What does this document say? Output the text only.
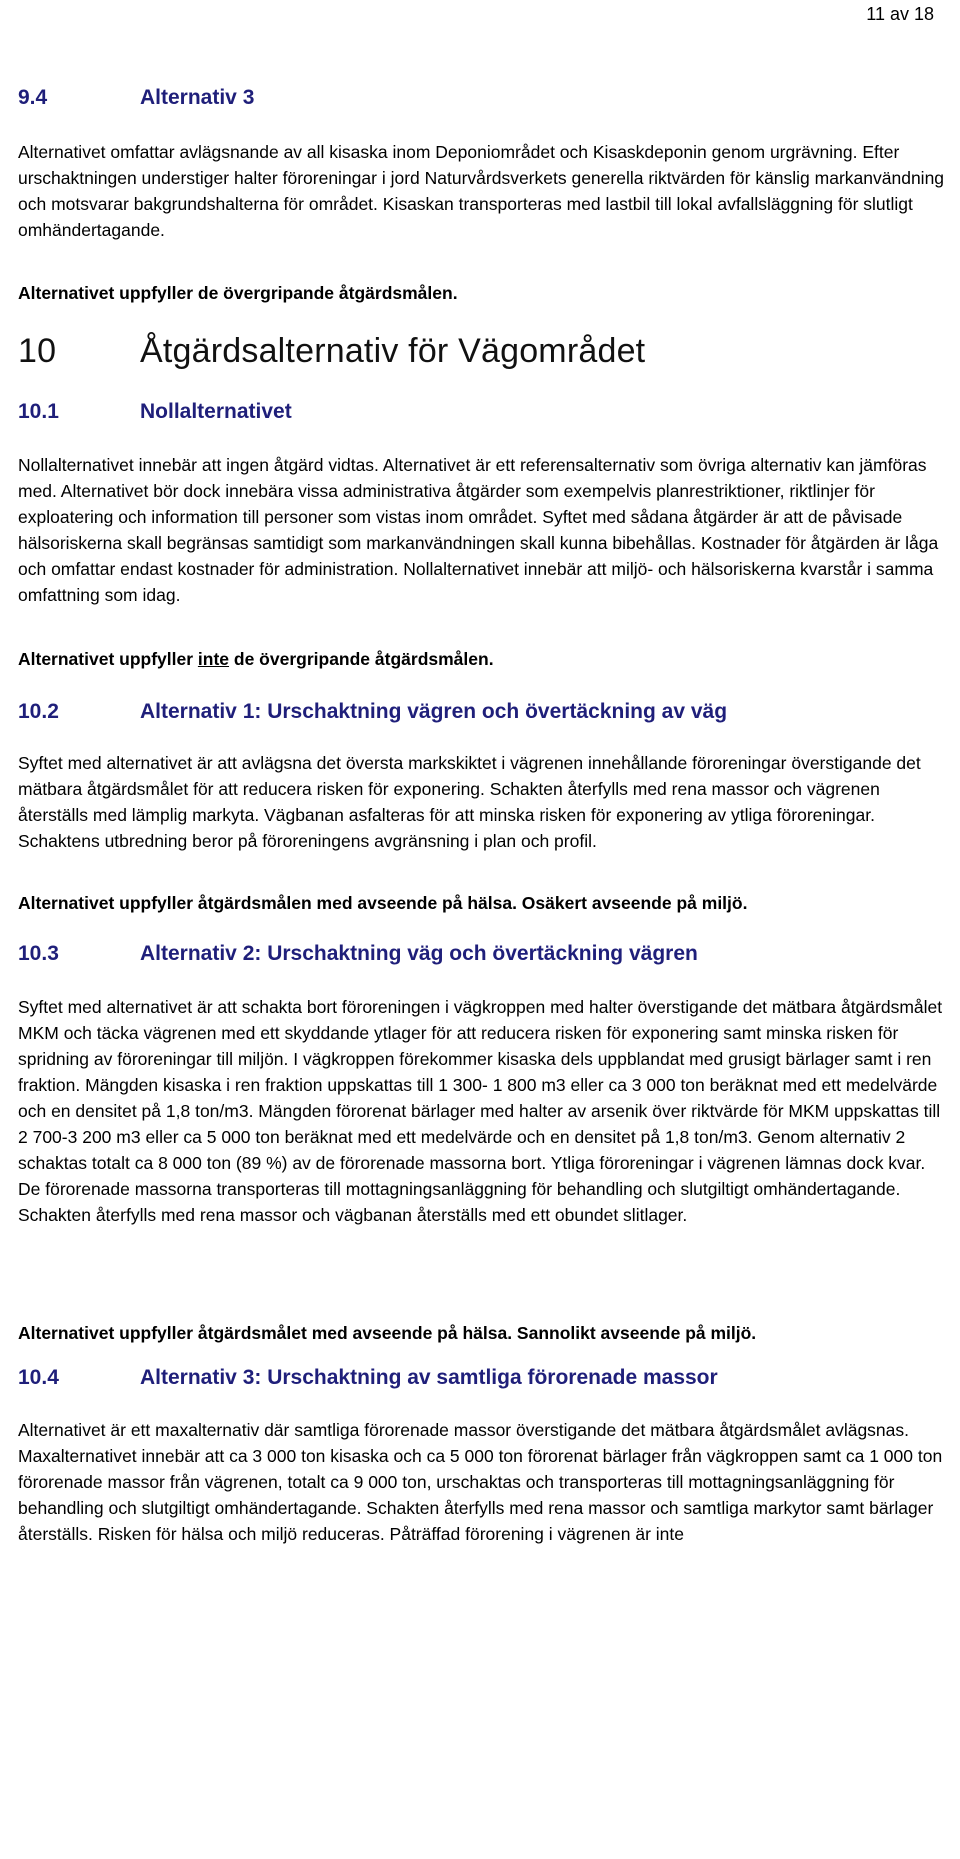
11 av 18
9.4	Alternativ 3

Alternativet omfattar avlägsnande av all kisaska inom Deponiområdet och Kisaskdeponin genom urgrävning. Efter urschaktningen understiger halter föroreningar i jord Naturvårdsverkets generella riktvärden för känslig markanvändning och motsvarar bakgrundshalterna för området. Kisaskan transporteras med lastbil till lokal avfallsläggning för slutligt omhändertagande.

Alternativet uppfyller de övergripande åtgärdsmålen.

10 Åtgärdsalternativ för Vägområdet
10.1	Nollalternativet

Nollalternativet innebär att ingen åtgärd vidtas. Alternativet är ett referensalternativ som övriga alternativ kan jämföras med. Alternativet bör dock innebära vissa administrativa åtgärder som exempelvis planrestriktioner, riktlinjer för exploatering och information till personer som vistas inom området. Syftet med sådana åtgärder är att de påvisade hälsoriskerna skall begränsas samtidigt som markanvändningen skall kunna bibehållas. Kostnader för åtgärden är låga och omfattar endast kostnader för administration. Nollalternativet innebär att miljö- och hälsoriskerna kvarstår i samma omfattning som idag.

Alternativet uppfyller inte de övergripande åtgärdsmålen.

10.2	Alternativ 1: Urschaktning vägren och övertäckning av väg

Syftet med alternativet är att avlägsna det översta markskiktet i vägrenen innehållande föroreningar överstigande det mätbara åtgärdsmålet för att reducera risken för exponering. Schakten återfylls med rena massor och vägrenen återställs med lämplig markyta. Vägbanan asfalteras för att minska risken för exponering av ytliga föroreningar. Schaktens utbredning beror på föroreningens avgränsning i plan och profil.

Alternativet uppfyller åtgärdsmålen med avseende på hälsa. Osäkert avseende på miljö.

10.3	Alternativ 2: Urschaktning väg och övertäckning vägren

Syftet med alternativet är att schakta bort föroreningen i vägkroppen med halter överstigande det mätbara åtgärdsmålet MKM och täcka vägrenen med ett skyddande ytlager för att reducera risken för exponering samt minska risken för spridning av föroreningar till miljön. I vägkroppen förekommer kisaska dels uppblandat med grusigt bärlager samt i ren fraktion. Mängden kisaska i ren fraktion uppskattas till 1 300- 1 800 m3 eller ca 3 000 ton beräknat med ett medelvärde och en densitet på 1,8 ton/m3. Mängden förorenat bärlager med halter av arsenik över riktvärde för MKM uppskattas till 2 700-3 200 m3 eller ca 5 000 ton beräknat med ett medelvärde och en densitet på 1,8 ton/m3. Genom alternativ 2 schaktas totalt ca 8 000 ton (89 %) av de förorenade massorna bort. Ytliga föroreningar i vägrenen lämnas dock kvar. De förorenade massorna transporteras till mottagningsanläggning för behandling och slutgiltigt omhändertagande. Schakten återfylls med rena massor och vägbanan återställs med ett obundet slitlager.

Alternativet uppfyller åtgärdsmålet med avseende på hälsa. Sannolikt avseende på miljö.

10.4	Alternativ 3: Urschaktning av samtliga förorenade massor

Alternativet är ett maxalternativ där samtliga förorenade massor överstigande det mätbara åtgärdsmålet avlägsnas. Maxalternativet innebär att ca 3 000 ton kisaska och ca 5 000 ton förorenat bärlager från vägkroppen samt ca 1 000 ton förorenade massor från vägrenen, totalt ca 9 000 ton, urschaktas och transporteras till mottagningsanläggning för behandling och slutgiltigt omhändertagande. Schakten återfylls med rena massor och samtliga markytor samt bärlager återställs. Risken för hälsa och miljö reduceras. Påträffad förorening i vägrenen är inte
